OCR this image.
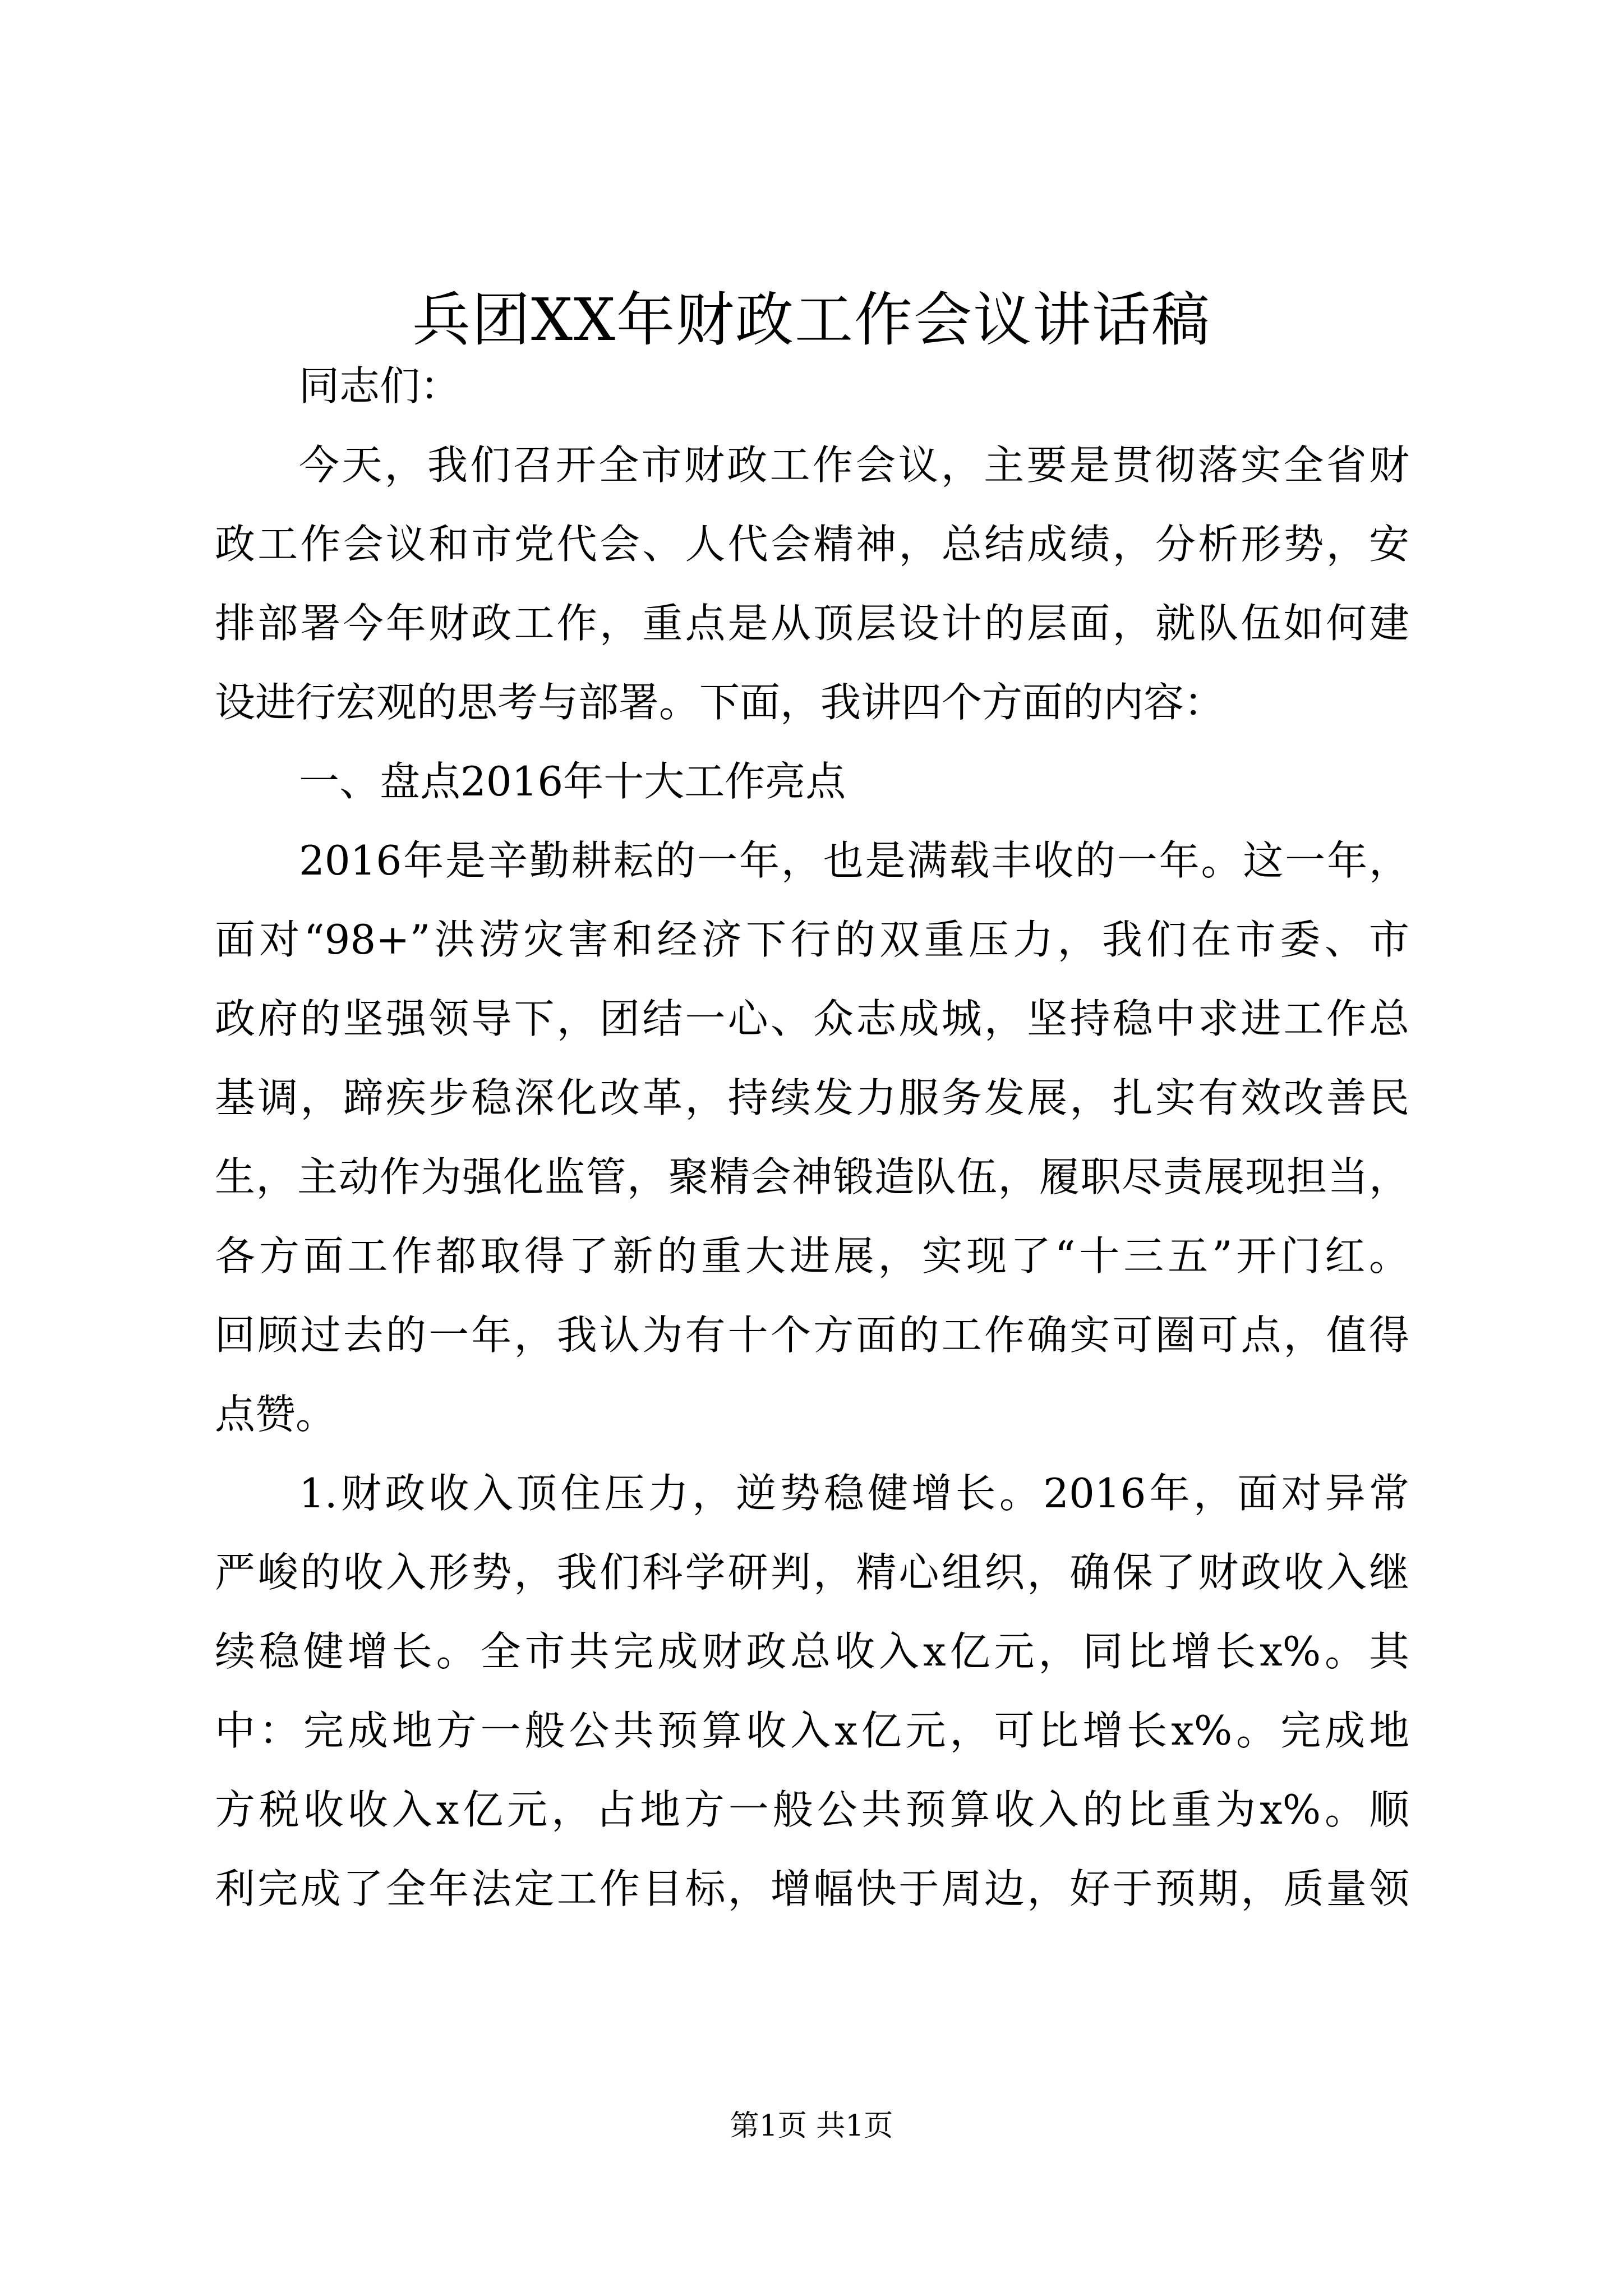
兵团XX年财政工作会议讲话稿
同志们：
今天，我们召开全市财政工作会议，主要是贯彻落实全省财
政工作会议和市党代会、人代会精神，总结成绩，分析形势，安
排部署今年财政工作，重点是从顶层设计的层面，就队伍如何建
设进行宏观的思考与部署。下面，我讲四个方面的内容：
一、盘点2016年十大工作亮点
2016年是辛勤耕耘的一年，也是满载丰收的一年。这一年，
面对“98+”洪涝灾害和经济下行的双重压力，我们在市委、市
政府的坚强领导下，团结一心、众志成城，坚持稳中求进工作总
基调，蹄疾步稳深化改革，持续发力服务发展，扎实有效改善民
生，主动作为强化监管，聚精会神锻造队伍，履职尽责展现担当，
各方面工作都取得了新的重大进展，实现了“十三五”开门红。
回顾过去的一年，我认为有十个方面的工作确实可圈可点，值得
点赞。
1.财政收入顶住压力，逆势稳健增长。2016年，面对异常
严峻的收入形势，我们科学研判，精心组织，确保了财政收入继
续稳健增长。全市共完成财政总收入x亿元，同比增长x%。其
中：完成地方一般公共预算收入x亿元，可比增长x%。完成地
方税收收入x亿元，占地方一般公共预算收入的比重为x%。顺
利完成了全年法定工作目标，增幅快于周边，好于预期，质量领
第1页 共1页
